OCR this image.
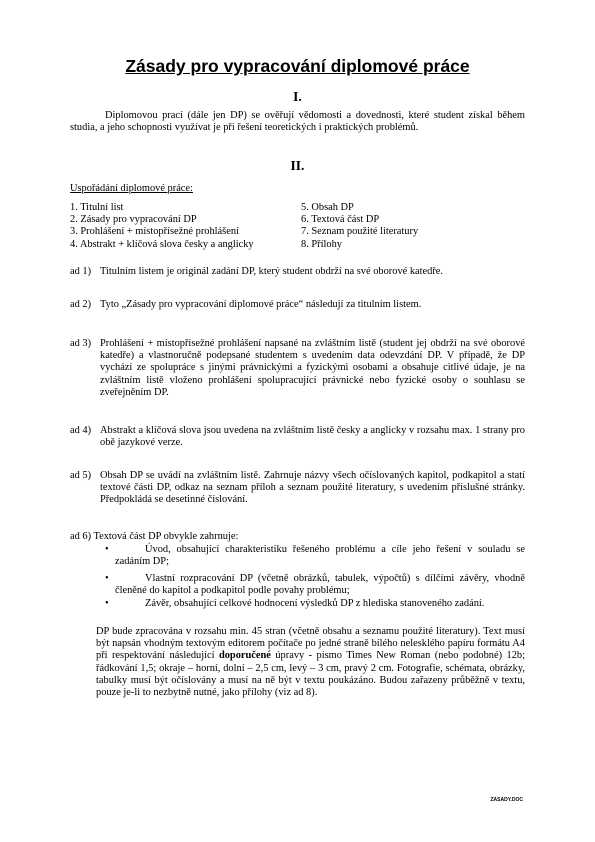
Zásady pro vypracování diplomové práce
I.
Diplomovou prací (dále jen DP) se ověřují vědomosti a dovednosti, které student získal během studia, a jeho schopnosti využívat je při řešení teoretických i praktických problémů.
II.
Uspořádání diplomové práce:
1. Titulní list
2. Zásady pro vypracování DP
3. Prohlášení + místopřísežné prohlášení
4. Abstrakt + klíčová slova česky a anglicky
5. Obsah DP
6. Textová část DP
7. Seznam použité literatury
8. Přílohy
ad 1) Titulním listem je originál zadání DP, který student obdrží na své oborové katedře.
ad 2) Tyto „Zásady pro vypracování diplomové práce“ následují za titulním listem.
ad 3) Prohlášení + místopřísežné prohlášení napsané na zvláštním listě (student jej obdrží na své oborové katedře) a vlastnoručně podepsané studentem s uvedením data odevzdání DP. V případě, že DP vychází ze spolupráce s jinými právnickými a fyzickými osobami a obsahuje citlivé údaje, je na zvláštním listě vloženo prohlášení spolupracující právnické nebo fyzické osoby o souhlasu se zveřejněním DP.
ad 4) Abstrakt a klíčová slova jsou uvedena na zvláštním listě česky a anglicky v rozsahu max. 1 strany pro obě jazykové verze.
ad 5) Obsah DP se uvádí na zvláštním listě. Zahrnuje názvy všech očíslovaných kapitol, podkapitol a statí textové části DP, odkaz na seznam příloh a seznam použité literatury, s uvedením příslušné stránky. Předpokládá se desetinné číslování.
ad 6) Textová část DP obvykle zahrnuje:
•	Úvod, obsahující charakteristiku řešeného problému a cíle jeho řešení v souladu se zadáním DP;
•	Vlastní rozpracování DP (včetně obrázků, tabulek, výpočtů) s dílčími závěry, vhodně členěné do kapitol a podkapitol podle povahy problému;
•	Závěr, obsahující celkové hodnocení výsledků DP z hlediska stanoveného zadání.
DP bude zpracována v rozsahu min. 45 stran (včetně obsahu a seznamu použité literatury). Text musí být napsán vhodným textovým editorem počítače po jedné straně bílého nelesklého papíru formátu A4 při respektování následující doporučené úpravy - písmo Times New Roman (nebo podobné) 12b; řádkování 1,5; okraje – horní, dolní – 2,5 cm, levý – 3 cm, pravý 2 cm. Fotografie, schémata, obrázky, tabulky musí být očíslovány a musí na ně být v textu poukázáno. Budou zařazeny průběžně v textu, pouze je-li to nezbytně nutné, jako přílohy (viz ad 8).
ZASADY.DOC
